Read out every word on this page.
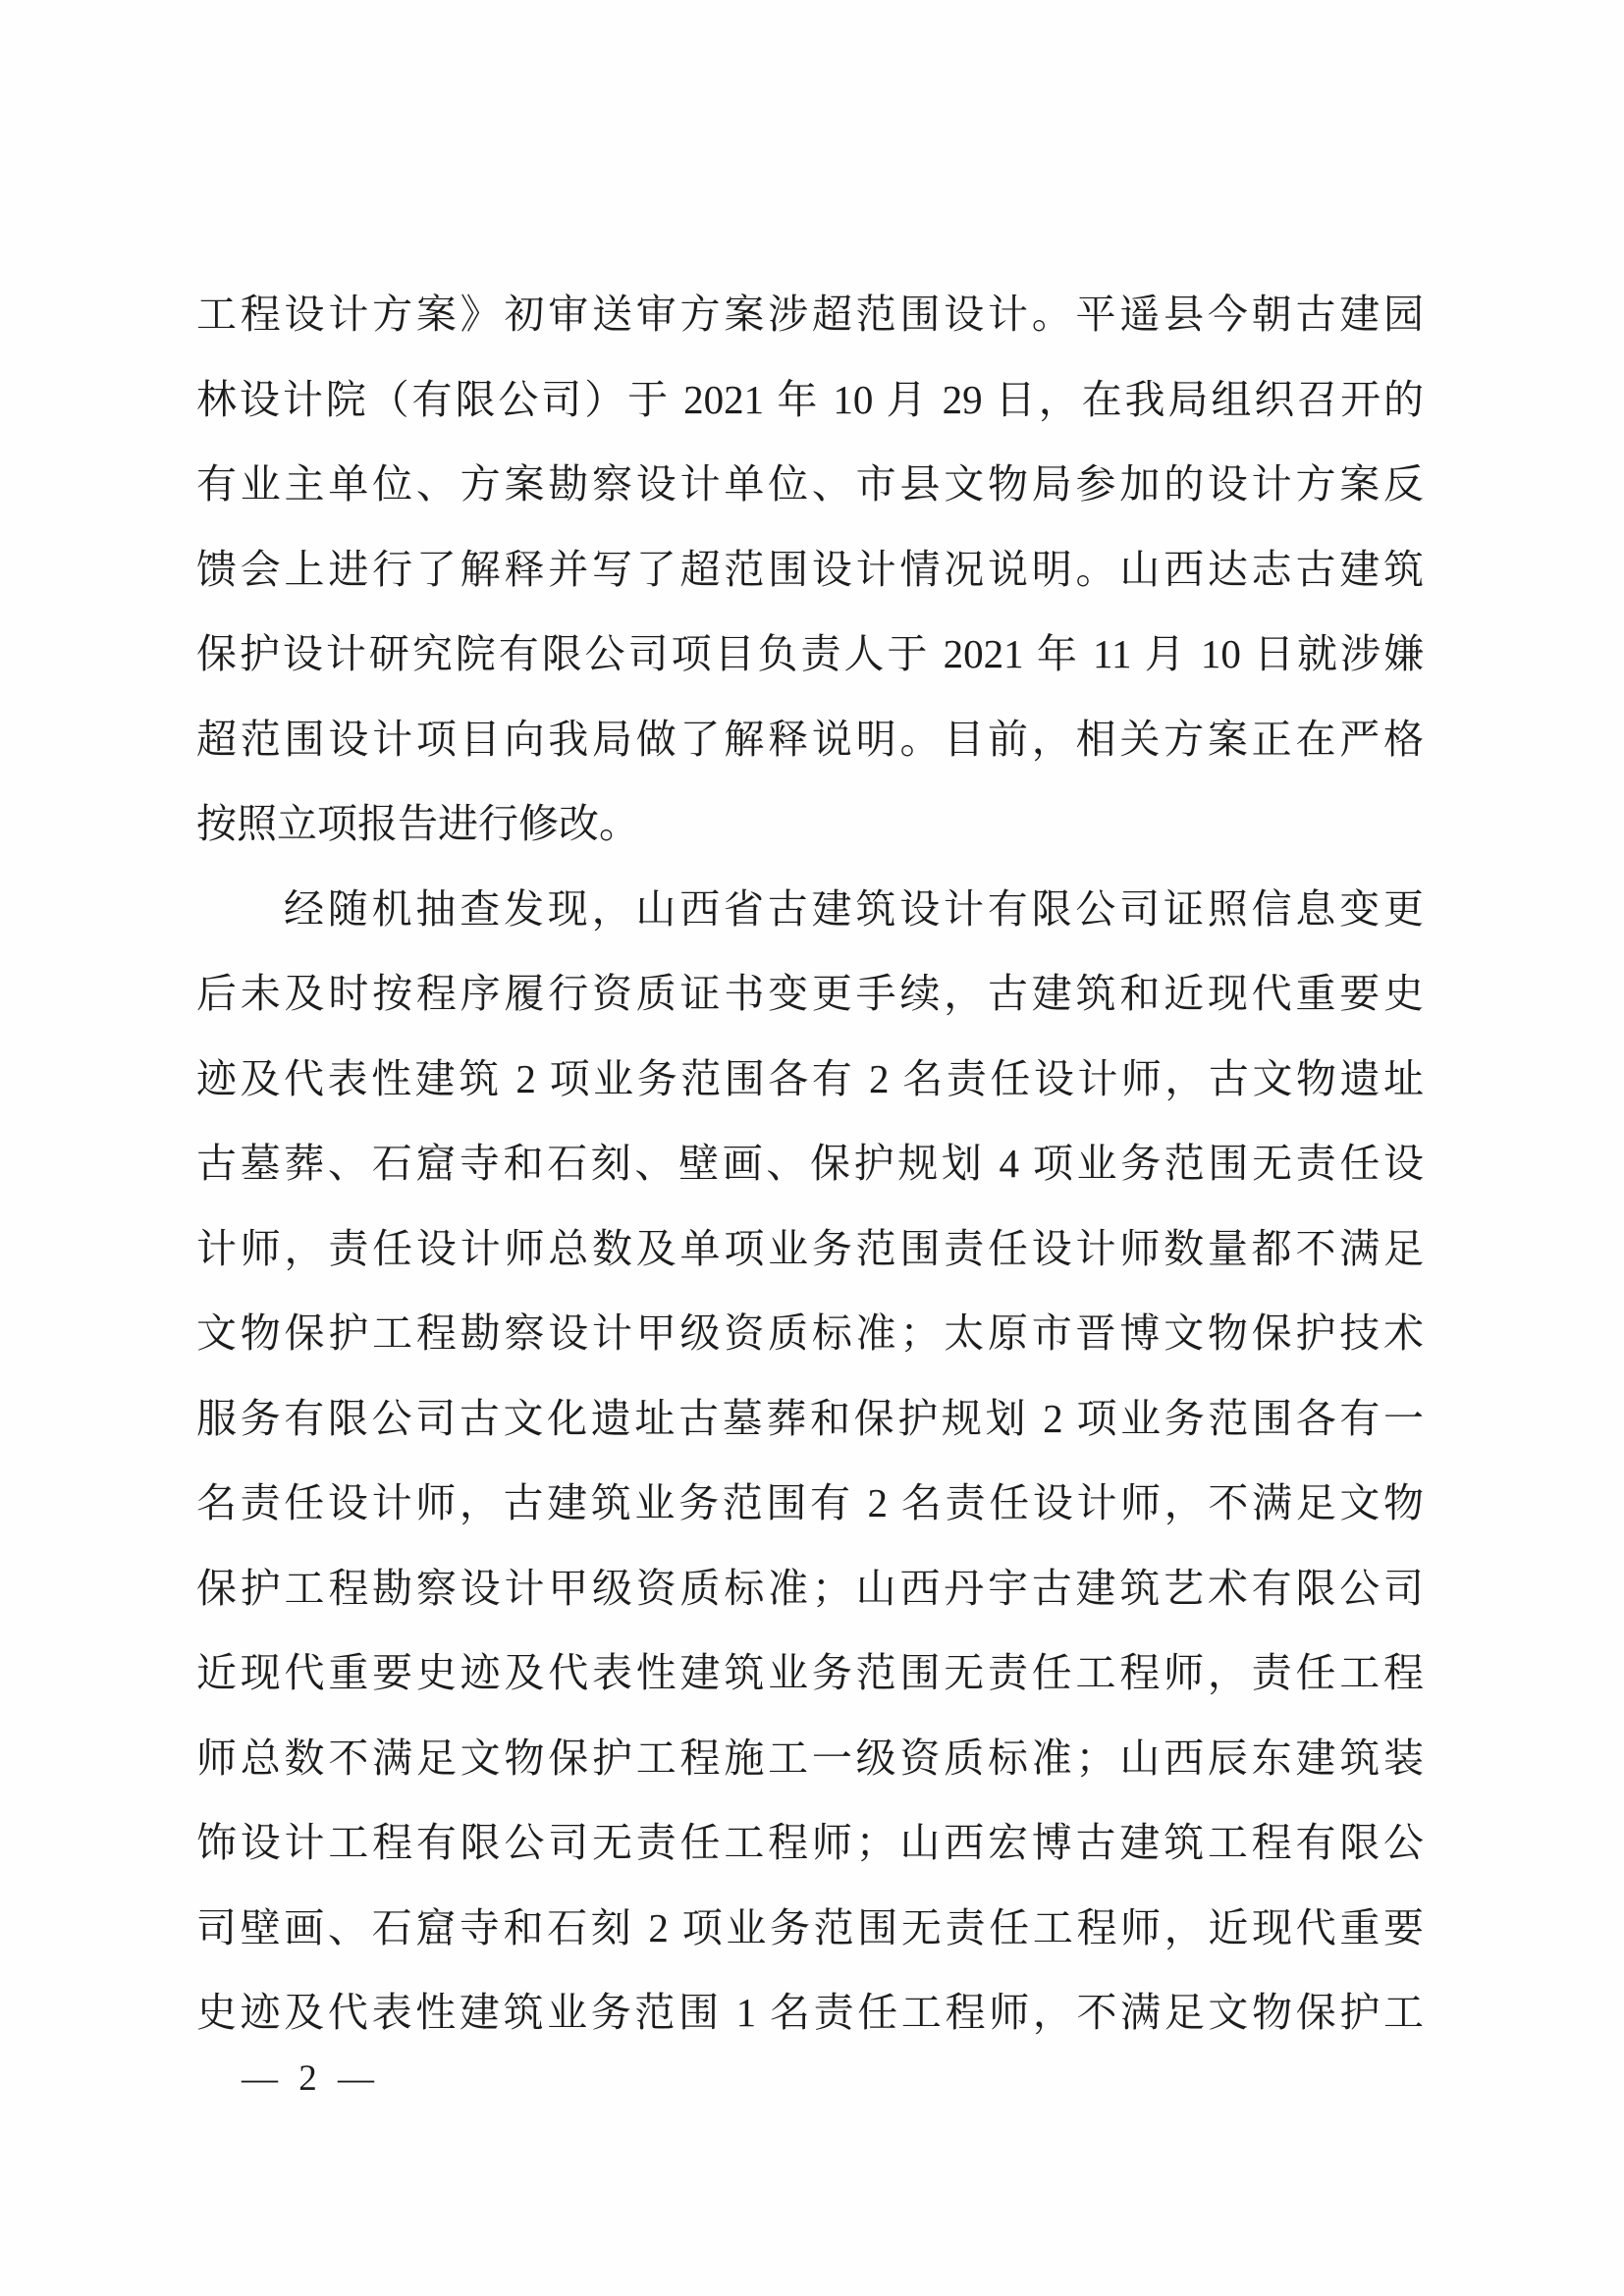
工程设计方案》初审送审方案涉超范围设计。平遥县今朝古建园
林设计院（有限公司）于 2021 年 10 月 29 日，在我局组织召开的
有业主单位、方案勘察设计单位、市县文物局参加的设计方案反
馈会上进行了解释并写了超范围设计情况说明。山西达志古建筑
保护设计研究院有限公司项目负责人于 2021 年 11 月 10 日就涉嫌
超范围设计项目向我局做了解释说明。目前，相关方案正在严格
按照立项报告进行修改。
经随机抽查发现，山西省古建筑设计有限公司证照信息变更
后未及时按程序履行资质证书变更手续，古建筑和近现代重要史
迹及代表性建筑 2 项业务范围各有 2 名责任设计师，古文物遗址
古墓葬、石窟寺和石刻、壁画、保护规划 4 项业务范围无责任设
计师，责任设计师总数及单项业务范围责任设计师数量都不满足
文物保护工程勘察设计甲级资质标准；太原市晋博文物保护技术
服务有限公司古文化遗址古墓葬和保护规划 2 项业务范围各有一
名责任设计师，古建筑业务范围有 2 名责任设计师，不满足文物
保护工程勘察设计甲级资质标准；山西丹宇古建筑艺术有限公司
近现代重要史迹及代表性建筑业务范围无责任工程师，责任工程
师总数不满足文物保护工程施工一级资质标准；山西辰东建筑装
饰设计工程有限公司无责任工程师；山西宏博古建筑工程有限公
司壁画、石窟寺和石刻 2 项业务范围无责任工程师，近现代重要
史迹及代表性建筑业务范围 1 名责任工程师，不满足文物保护工
— 2 —
